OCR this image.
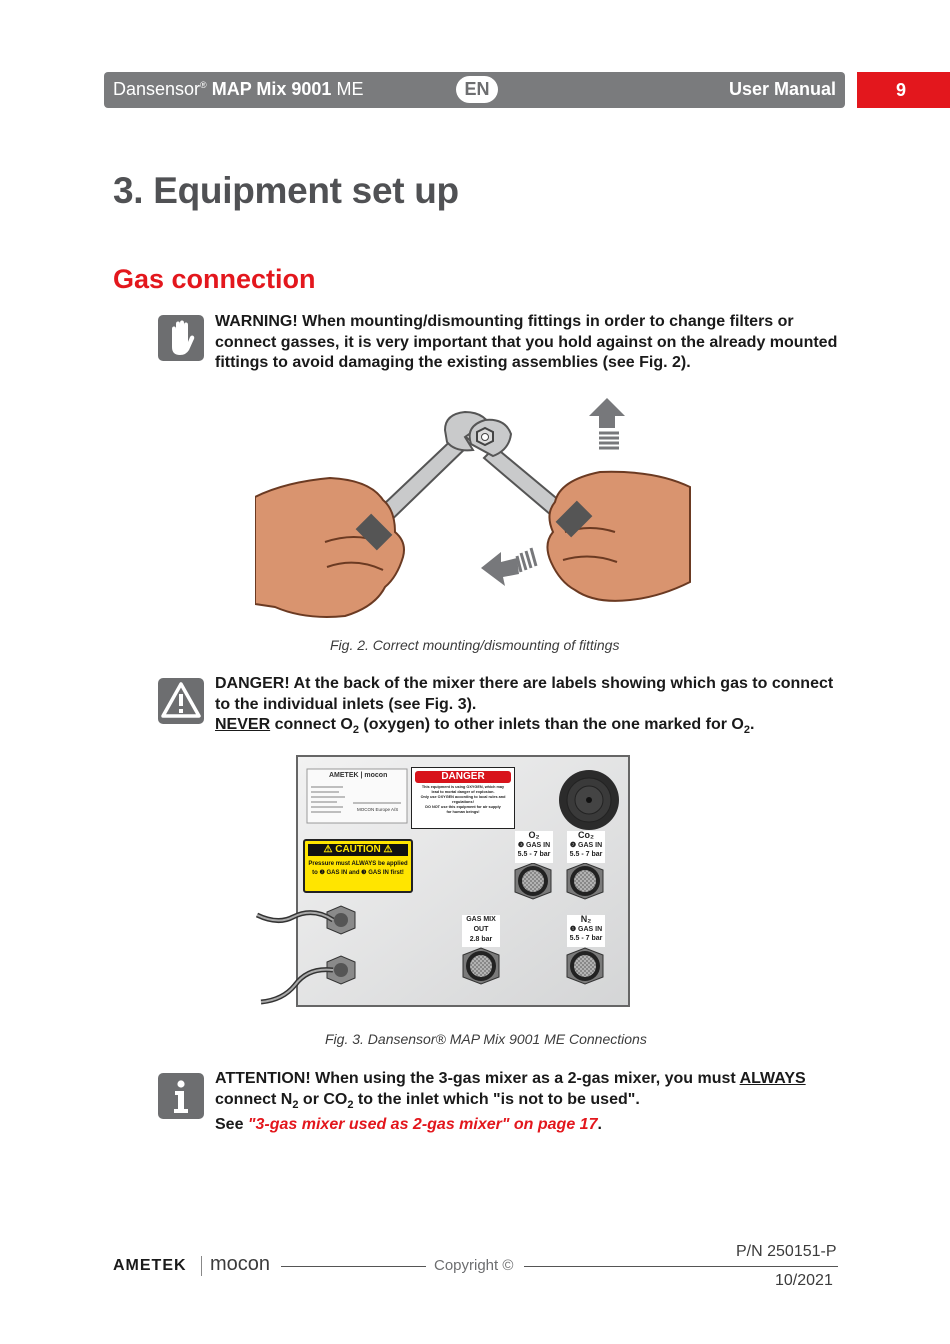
Dansensor® MAP Mix 9001 ME	EN	User Manual	9
3. Equipment set up
Gas connection
WARNING! When mounting/dismounting fittings in order to change filters or connect gasses, it is very important that you hold against on the already mounted fittings to avoid damaging the existing assemblies (see Fig. 2).
Fig. 2. Correct mounting/dismounting of fittings
DANGER! At the back of the mixer there are labels showing which gas to connect to the individual inlets (see Fig. 3).
NEVER connect $O_2$ (oxygen) to other inlets than the one marked for $O_2$.
AMETEK | mocon
MOCON Europe A/S
DANGER
This equipment is using OXYGEN, which may
lead to mortal danger of explosion.
Only use OXYGEN according to local rules and
regulations!
DO NOT use this equipment for air supply
for human beings!
⚠ CAUTION ⚠
Pressure must ALWAYS be applied
to ❷ GAS IN and ❸ GAS IN first!
O₂
❸ GAS IN
5.5 - 7 bar
Co₂
❷ GAS IN
5.5 - 7 bar
GAS MIX
OUT
2.8 bar
N₂
❶ GAS IN
5.5 - 7 bar
Fig. 3. Dansensor® MAP Mix 9001 ME Connections
ATTENTION! When using the 3-gas mixer as a 2-gas mixer, you must ALWAYS
connect $N_2$ or $CO_2$ to the inlet which "is not to be used".
See "3-gas mixer used as 2-gas mixer" on page 17.
AMETEK mocon	Copyright ©
P/N 250151-P
10/2021
